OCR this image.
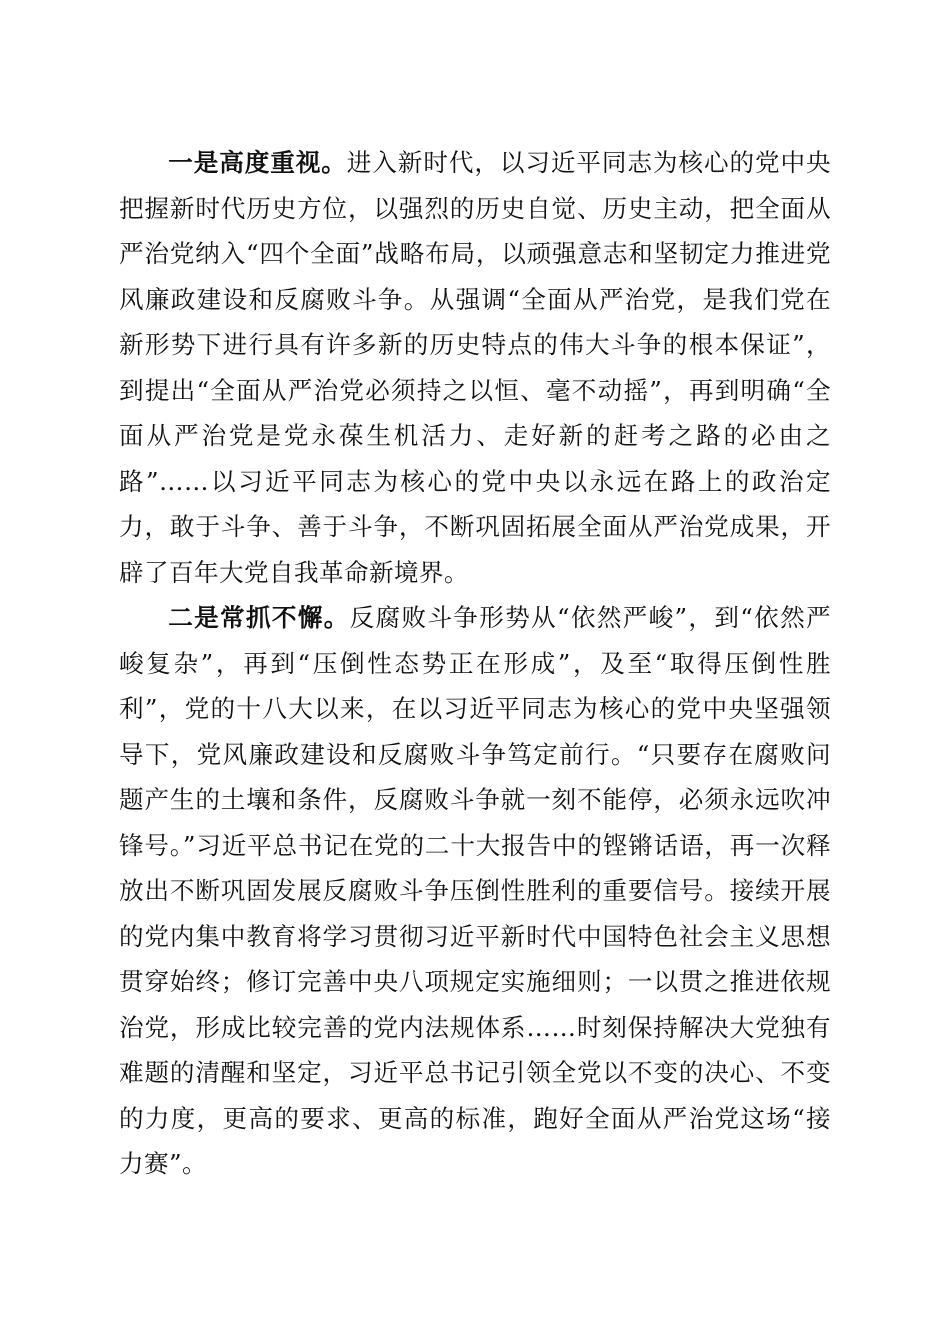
一是高度重视。进入新时代，以习近平同志为核心的党中央把握新时代历史方位，以强烈的历史自觉、历史主动，把全面从严治党纳入“四个全面”战略布局，以顽强意志和坚韧定力推进党风廉政建设和反腐败斗争。从强调“全面从严治党，是我们党在新形势下进行具有许多新的历史特点的伟大斗争的根本保证”，到提出“全面从严治党必须持之以恒、毫不动摇”，再到明确“全面从严治党是党永葆生机活力、走好新的赶考之路的必由之路”……以习近平同志为核心的党中央以永远在路上的政治定力，敢于斗争、善于斗争，不断巩固拓展全面从严治党成果，开辟了百年大党自我革命新境界。

二是常抓不懈。反腐败斗争形势从“依然严峻”，到“依然严峻复杂”，再到“压倒性态势正在形成”，及至“取得压倒性胜利”，党的十八大以来，在以习近平同志为核心的党中央坚强领导下，党风廉政建设和反腐败斗争笃定前行。“只要存在腐败问题产生的土壤和条件，反腐败斗争就一刻不能停，必须永远吹冲锋号。”习近平总书记在党的二十大报告中的铿锵话语，再一次释放出不断巩固发展反腐败斗争压倒性胜利的重要信号。接续开展的党内集中教育将学习贯彻习近平新时代中国特色社会主义思想贯穿始终；修订完善中央八项规定实施细则；一以贯之推进依规治党，形成比较完善的党内法规体系……时刻保持解决大党独有难题的清醒和坚定，习近平总书记引领全党以不变的决心、不变的力度，更高的要求、更高的标准，跑好全面从严治党这场“接力赛”。
